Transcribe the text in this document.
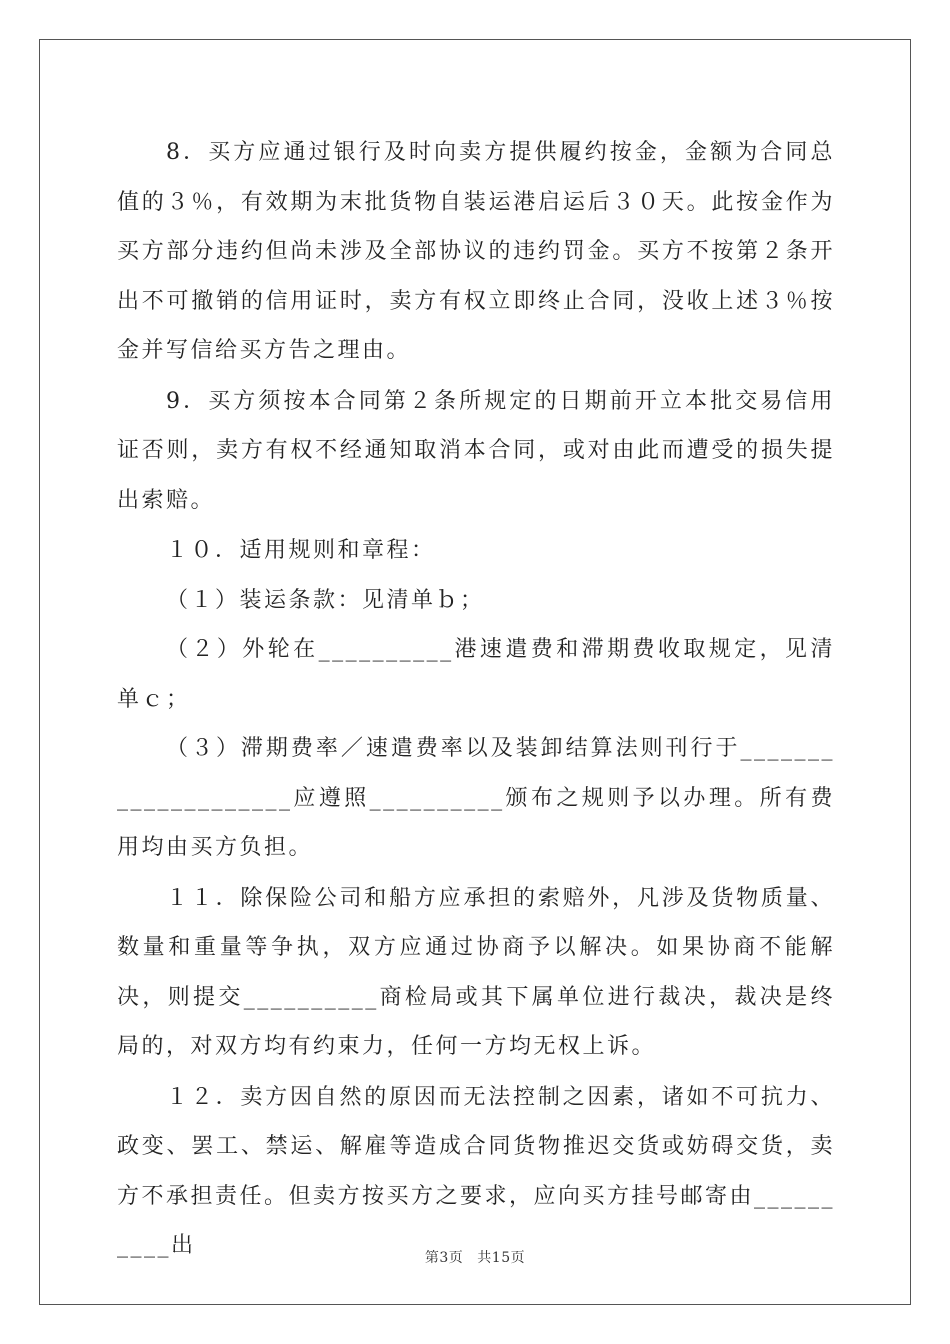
8．买方应通过银行及时向卖方提供履约按金，金额为合同总值的３％，有效期为末批货物自装运港启运后３０天。此按金作为买方部分违约但尚未涉及全部协议的违约罚金。买方不按第２条开出不可撤销的信用证时，卖方有权立即终止合同，没收上述３％按金并写信给买方告之理由。

9．买方须按本合同第２条所规定的日期前开立本批交易信用证否则，卖方有权不经通知取消本合同，或对由此而遭受的损失提出索赔。

１０．适用规则和章程：

（１）装运条款：见清单ｂ；

（２）外轮在__________港速遣费和滞期费收取规定，见清单ｃ；

（３）滞期费率／速遣费率以及装卸结算法则刊行于____________________应遵照__________颁布之规则予以办理。所有费用均由买方负担。

１１．除保险公司和船方应承担的索赔外，凡涉及货物质量、数量和重量等争执，双方应通过协商予以解决。如果协商不能解决，则提交__________商检局或其下属单位进行裁决，裁决是终局的，对双方均有约束力，任何一方均无权上诉。

１２．卖方因自然的原因而无法控制之因素，诸如不可抗力、政变、罢工、禁运、解雇等造成合同货物推迟交货或妨碍交货，卖方不承担责任。但卖方按买方之要求，应向买方挂号邮寄由__________出	第3页 共15页
